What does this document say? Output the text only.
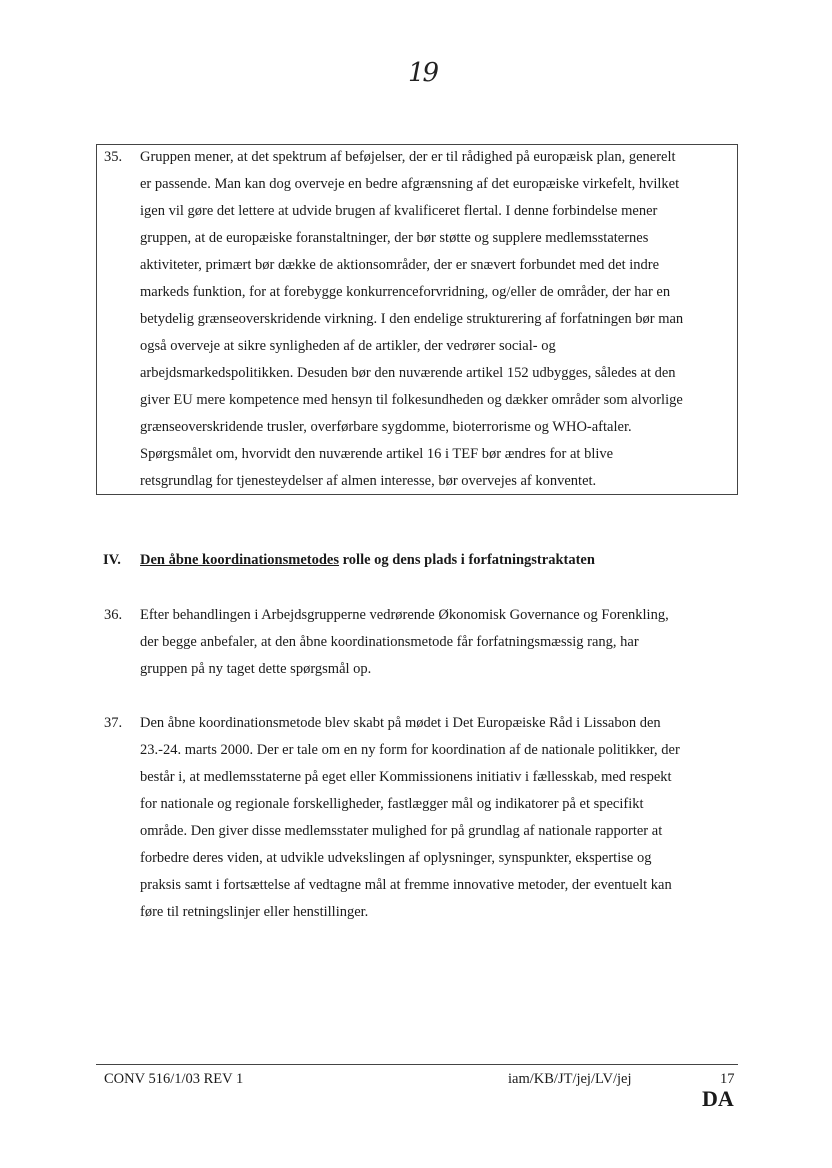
19
35. Gruppen mener, at det spektrum af beføjelser, der er til rådighed på europæisk plan, generelt
er passende. Man kan dog overveje en bedre afgrænsning af det europæiske virkefelt, hvilket
igen vil gøre det lettere at udvide brugen af kvalificeret flertal. I denne forbindelse mener
gruppen, at de europæiske foranstaltninger, der bør støtte og supplere medlemsstaternes
aktiviteter, primært bør dække de aktionsområder, der er snævert forbundet med det indre
markeds funktion, for at forebygge konkurrenceforvridning, og/eller de områder, der har en
betydelig grænseoverskridende virkning. I den endelige strukturering af forfatningen bør man
også overveje at sikre synligheden af de artikler, der vedrører social- og
arbejdsmarkedspolitikken. Desuden bør den nuværende artikel 152 udbygges, således at den
giver EU mere kompetence med hensyn til folkesundheden og dækker områder som alvorlige
grænseoverskridende trusler, overførbare sygdomme, bioterrorisme og WHO-aftaler.
Spørgsmålet om, hvorvidt den nuværende artikel 16 i TEF bør ændres for at blive
retsgrundlag for tjenesteydelser af almen interesse, bør overvejes af konventet.
IV. Den åbne koordinationsmetodes rolle og dens plads i forfatningstraktaten
36. Efter behandlingen i Arbejdsgrupperne vedrørende Økonomisk Governance og Forenkling,
der begge anbefaler, at den åbne koordinationsmetode får forfatningsmæssig rang, har
gruppen på ny taget dette spørgsmål op.
37. Den åbne koordinationsmetode blev skabt på mødet i Det Europæiske Råd i Lissabon den
23.-24. marts 2000. Der er tale om en ny form for koordination af de nationale politikker, der
består i, at medlemsstaterne på eget eller Kommissionens initiativ i fællesskab, med respekt
for nationale og regionale forskelligheder, fastlægger mål og indikatorer på et specifikt
område. Den giver disse medlemsstater mulighed for på grundlag af nationale rapporter at
forbedre deres viden, at udvikle udvekslingen af oplysninger, synspunkter, ekspertise og
praksis samt i fortsættelse af vedtagne mål at fremme innovative metoder, der eventuelt kan
føre til retningslinjer eller henstillinger.
CONV 516/1/03 REV 1	iam/KB/JT/jej/LV/jej	17
DA
